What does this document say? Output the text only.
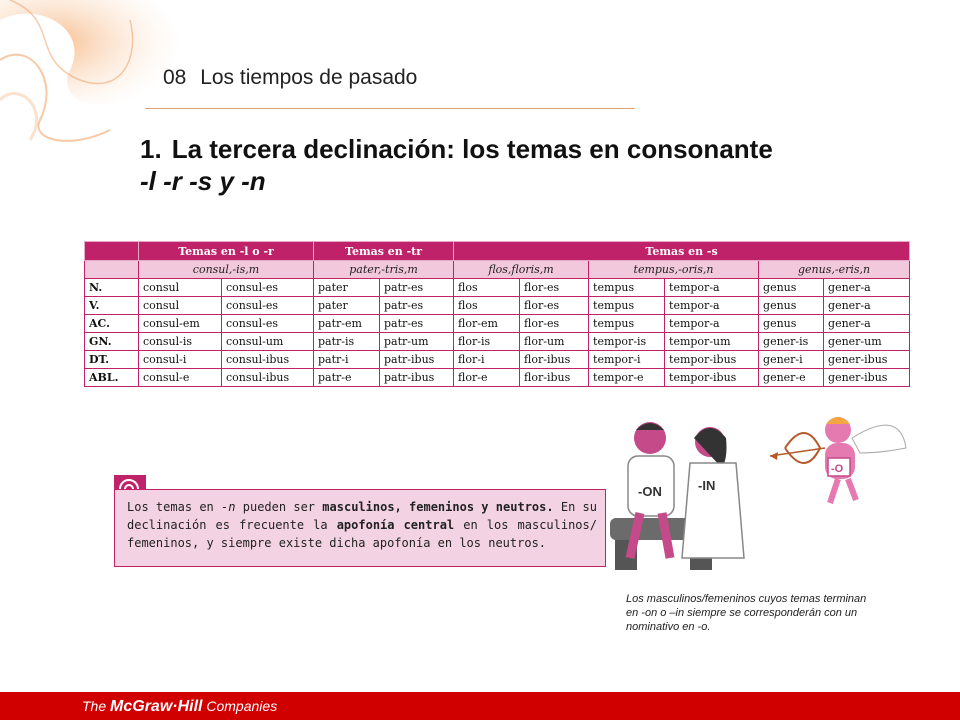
08 Los tiempos de pasado
1. La tercera declinación: los temas en consonante
-l -r -s y -n
	Temas en -l o -r		Temas en -tr		Temas en -s					
	consul,-is,m		pater,-tris,m		flos,floris,m		tempus,-oris,n		genus,-eris,n	
N.	consul	consul-es	pater	patr-es	flos	flor-es	tempus	tempor-a	genus	gener-a
V.	consul	consul-es	pater	patr-es	flos	flor-es	tempus	tempor-a	genus	gener-a
AC.	consul-em	consul-es	patr-em	patr-es	flor-em	flor-es	tempus	tempor-a	genus	gener-a
GN.	consul-is	consul-um	patr-is	patr-um	flor-is	flor-um	tempor-is	tempor-um	gener-is	gener-um
DT.	consul-i	consul-ibus	patr-i	patr-ibus	flor-i	flor-ibus	tempor-i	tempor-ibus	gener-i	gener-ibus
ABL.	consul-e	consul-ibus	patr-e	patr-ibus	flor-e	flor-ibus	tempor-e	tempor-ibus	gener-e	gener-ibus
Los temas en -n pueden ser masculinos, femeninos y neutros. En su declinación es frecuente la apofonía central en los masculinos/ femeninos, y siempre existe dicha apofonía en los neutros.
-ON	-IN
-O
Los masculinos/femeninos cuyos temas terminan en -on o –in siempre se corresponderán con un nominativo en -o.
The McGraw·Hill Companies
